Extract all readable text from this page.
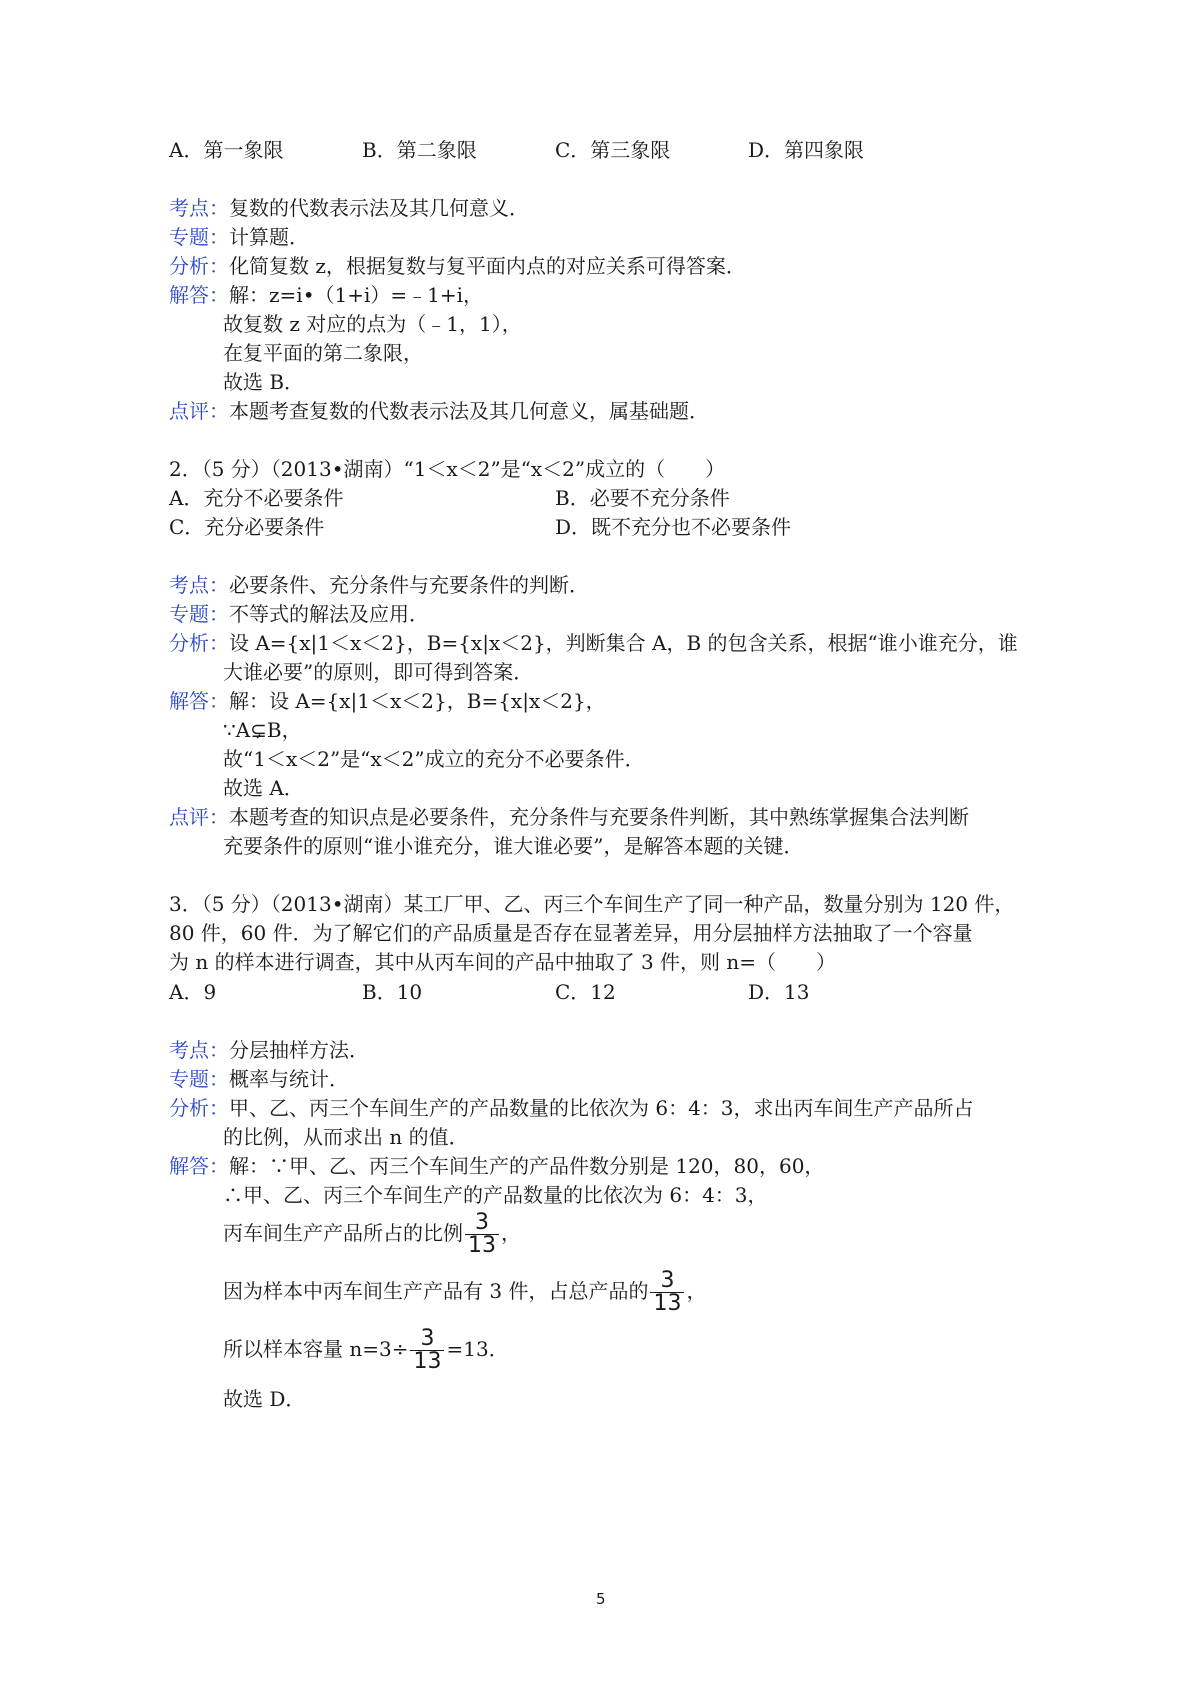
A．第一象限	B．第二象限	C．第三象限	D．第四象限
考点：复数的代数表示法及其几何意义．
专题：计算题．
分析：化简复数 z，根据复数与复平面内点的对应关系可得答案．
解答：解：z=i•（1+i）=﹣1+i，
故复数 z 对应的点为（﹣1，1），
在复平面的第二象限，
故选 B．
点评：本题考查复数的代数表示法及其几何意义，属基础题．
2．（5 分）（2013•湖南）“1＜x＜2”是“x＜2”成立的（　　）
A．充分不必要条件	B．必要不充分条件
C．充分必要条件	D．既不充分也不必要条件
考点：必要条件、充分条件与充要条件的判断．
专题：不等式的解法及应用．
分析：设 A={x|1＜x＜2}，B={x|x＜2}，判断集合 A，B 的包含关系，根据“谁小谁充分，谁
大谁必要”的原则，即可得到答案．
解答：解：设 A={x|1＜x＜2}，B={x|x＜2}，
∵A⊊B，
故“1＜x＜2”是“x＜2”成立的充分不必要条件．
故选 A．
点评：本题考查的知识点是必要条件，充分条件与充要条件判断，其中熟练掌握集合法判断
充要条件的原则“谁小谁充分，谁大谁必要”，是解答本题的关键．
3．（5 分）（2013•湖南）某工厂甲、乙、丙三个车间生产了同一种产品，数量分别为 120 件，
80 件，60 件．为了解它们的产品质量是否存在显著差异，用分层抽样方法抽取了一个容量
为 n 的样本进行调查，其中从丙车间的产品中抽取了 3 件，则 n=（　　）
A．9	B．10	C．12	D．13
考点：分层抽样方法．
专题：概率与统计．
分析：甲、乙、丙三个车间生产的产品数量的比依次为 6：4：3，求出丙车间生产产品所占
的比例，从而求出 n 的值．
解答：解：∵甲、乙、丙三个车间生产的产品件数分别是 120，80，60，
∴甲、乙、丙三个车间生产的产品数量的比依次为 6：4：3，
丙车间生产产品所占的比例 $\frac{3}{13}$ ，
因为样本中丙车间生产产品有 3 件，占总产品的 $\frac{3}{13}$ ，
所以样本容量 $n=3\div \frac{3}{13} =13$．
故选 D．
5
